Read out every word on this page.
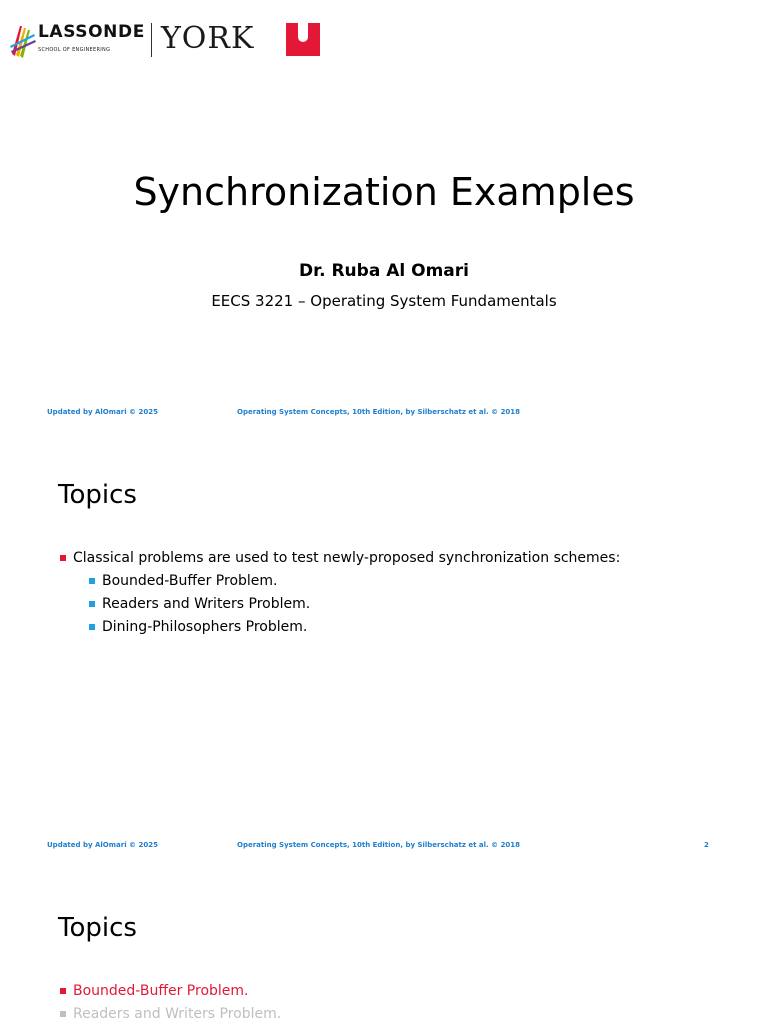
LASSONDE
SCHOOL OF ENGINEERING YORK
Synchronization Examples
Dr. Ruba Al Omari
EECS 3221 – Operating System Fundamentals
Updated by AlOmari © 2025	Operating System Concepts, 10th Edition, by Silberschatz et al. © 2018
Topics
Classical problems are used to test newly-proposed synchronization schemes:
Bounded-Buffer Problem.
Readers and Writers Problem.
Dining-Philosophers Problem.
Updated by AlOmari © 2025	Operating System Concepts, 10th Edition, by Silberschatz et al. © 2018	2
Topics
Bounded-Buffer Problem.
Readers and Writers Problem.
